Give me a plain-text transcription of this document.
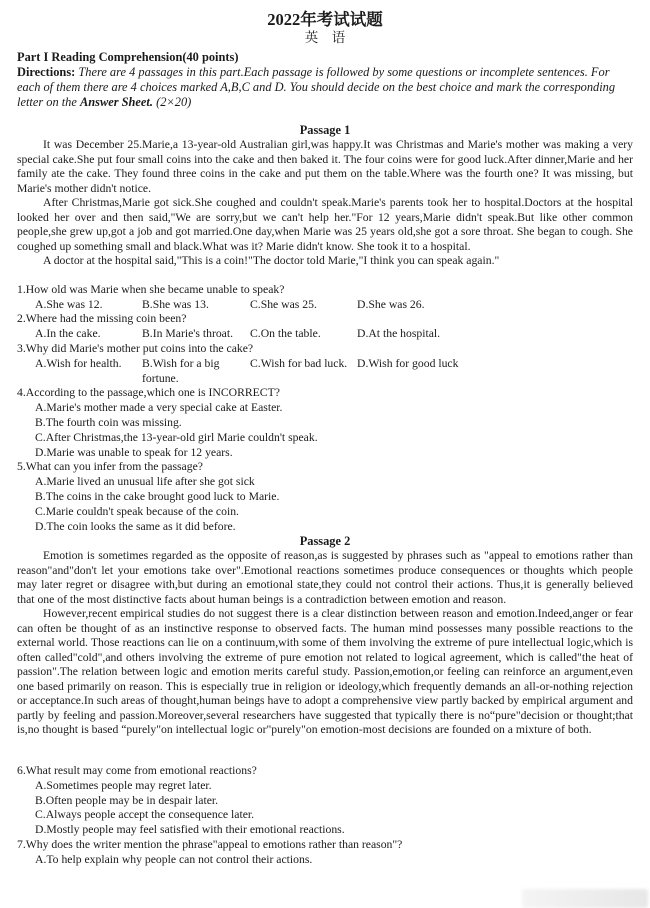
2022年考试试题
英　语
Part I Reading Comprehension(40 points)

Directions: There are 4 passages in this part.Each passage is followed by some questions or incomplete sentences. For each of them there are 4 choices marked A,B,C and D. You should decide on the best choice and mark the corresponding letter on the Answer Sheet. (2×20)

Passage 1

It was December 25.Marie,a 13-year-old Australian girl,was happy.It was Christmas and Marie's mother was making a very special cake.She put four small coins into the cake and then baked it. The four coins were for good luck.After dinner,Marie and her family ate the cake. They found three coins in the cake and put them on the table.Where was the fourth one? It was missing, but Marie's mother didn't notice.

After Christmas,Marie got sick.She coughed and couldn't speak.Marie's parents took her to hospital.Doctors at the hospital looked her over and then said,"We are sorry,but we can't help her."For 12 years,Marie didn't speak.But like other common people,she grew up,got a job and got married.One day,when Marie was 25 years old,she got a sore throat. She began to cough. She coughed up something small and black.What was it? Marie didn't know. She took it to a hospital.

A doctor at the hospital said,"This is a coin!"The doctor told Marie,"I think you can speak again."

1.How old was Marie when she became unable to speak?
A.She was 12.	B.She was 13.	C.She was 25.	D.She was 26.
2.Where had the missing coin been?
A.In the cake.	B.In Marie's throat.	C.On the table.	D.At the hospital.
3.Why did Marie's mother put coins into the cake?
A.Wish for health.	B.Wish for a big fortune.
C.Wish for bad luck. D.Wish for good luck
4.According to the passage,which one is INCORRECT?
A.Marie's mother made a very special cake at Easter.
B.The fourth coin was missing.
C.After Christmas,the 13-year-old girl Marie couldn't speak.
D.Marie was unable to speak for 12 years.
5.What can you infer from the passage?
A.Marie lived an unusual life after she got sick
B.The coins in the cake brought good luck to Marie.
C.Marie couldn't speak because of the coin.
D.The coin looks the same as it did before.
Passage 2

Emotion is sometimes regarded as the opposite of reason,as is suggested by phrases such as "appeal to emotions rather than reason"and"don't let your emotions take over".Emotional reactions sometimes produce consequences or thoughts which people may later regret or disagree with,but during an emotional state,they could not control their actions. Thus,it is generally believed that one of the most distinctive facts about human beings is a contradiction between emotion and reason.

However,recent empirical studies do not suggest there is a clear distinction between reason and emotion.Indeed,anger or fear can often be thought of as an instinctive response to observed facts. The human mind possesses many possible reactions to the external world. Those reactions can lie on a continuum,with some of them involving the extreme of pure intellectual logic,which is often called"cold",and others involving the extreme of pure emotion not related to logical agreement, which is called"the heat of passion".The relation between logic and emotion merits careful study. Passion,emotion,or feeling can reinforce an argument,even one based primarily on reason. This is especially true in religion or ideology,which frequently demands an all-or-nothing rejection or acceptance.In such areas of thought,human beings have to adopt a comprehensive view partly backed by empirical argument and partly by feeling and passion.Moreover,several researchers have suggested that typically there is no“pure"decision or thought;that is,no thought is based “purely"on intellectual logic or"purely"on emotion-most decisions are founded on a mixture of both.

6.What result may come from emotional reactions?
A.Sometimes people may regret later.
B.Often people may be in despair later.
C.Always people accept the consequence later.
D.Mostly people may feel satisfied with their emotional reactions.
7.Why does the writer mention the phrase"appeal to emotions rather than reason"?
A.To help explain why people can not control their actions.
